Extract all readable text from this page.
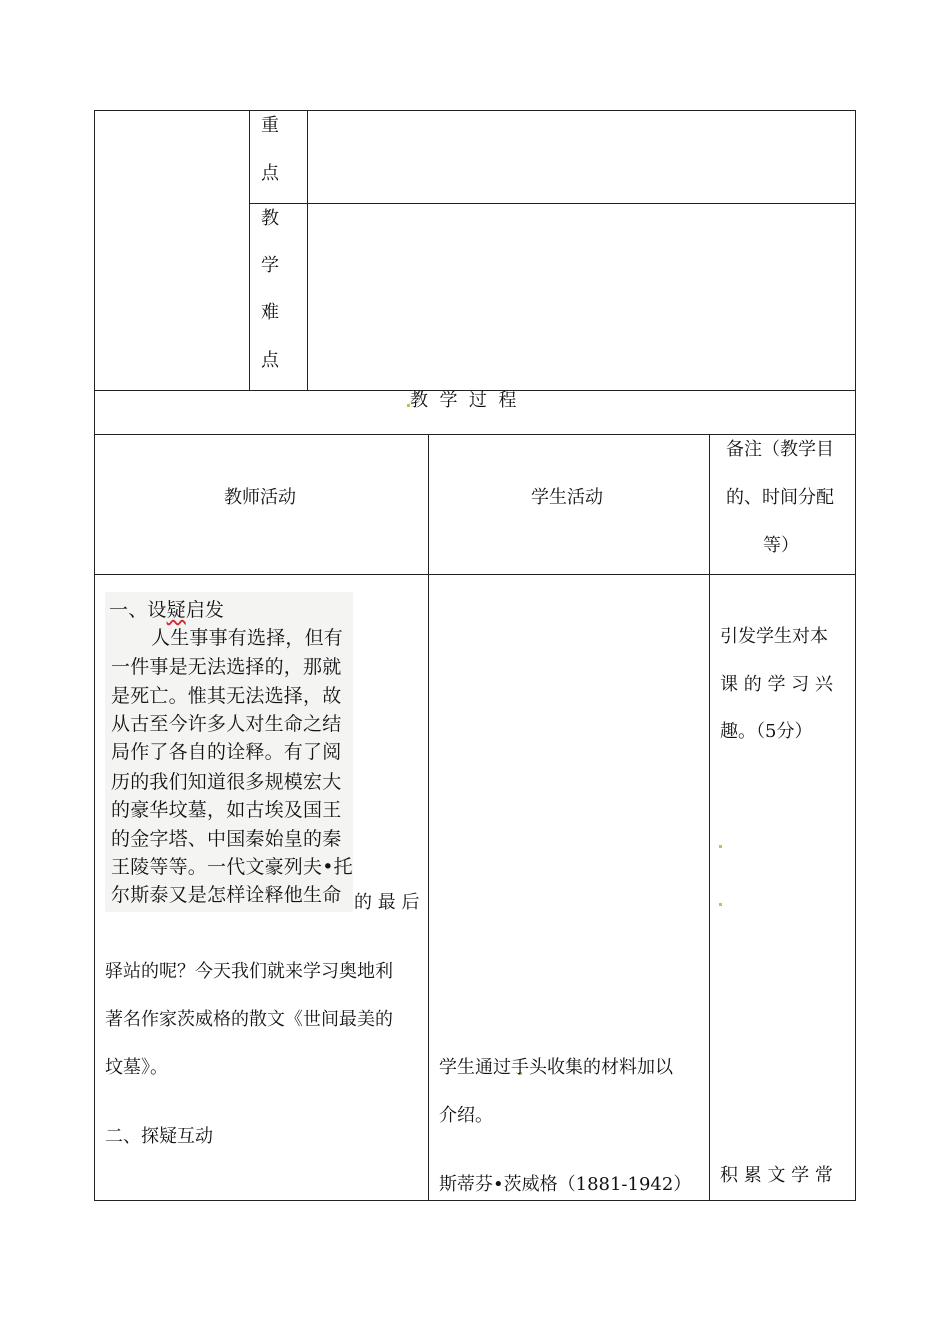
重
点
教
学
难
点
教  学  过  程
教师活动	学生活动
备注（教学目
的、时间分配
等）
一、设疑启发
人生事事有选择，但有
一件事是无法选择的，那就
是死亡。惟其无法选择，故
从古至今许多人对生命之结
局作了各自的诠释。有了阅
历的我们知道很多规模宏大
的豪华坟墓，如古埃及国王
的金字塔、中国秦始皇的秦
王陵等等。一代文豪列夫•托
尔斯泰又是怎样诠释他生命 的 最 后
驿站的呢？今天我们就来学习奥地利
著名作家茨威格的散文《世间最美的
坟墓》。
二、探疑互动
学生通过手头收集的材料加以
介绍。
斯蒂芬•茨威格（1881-1942）
引发学生对本
课 的 学 习 兴
趣。（5分）
积 累 文 学 常
